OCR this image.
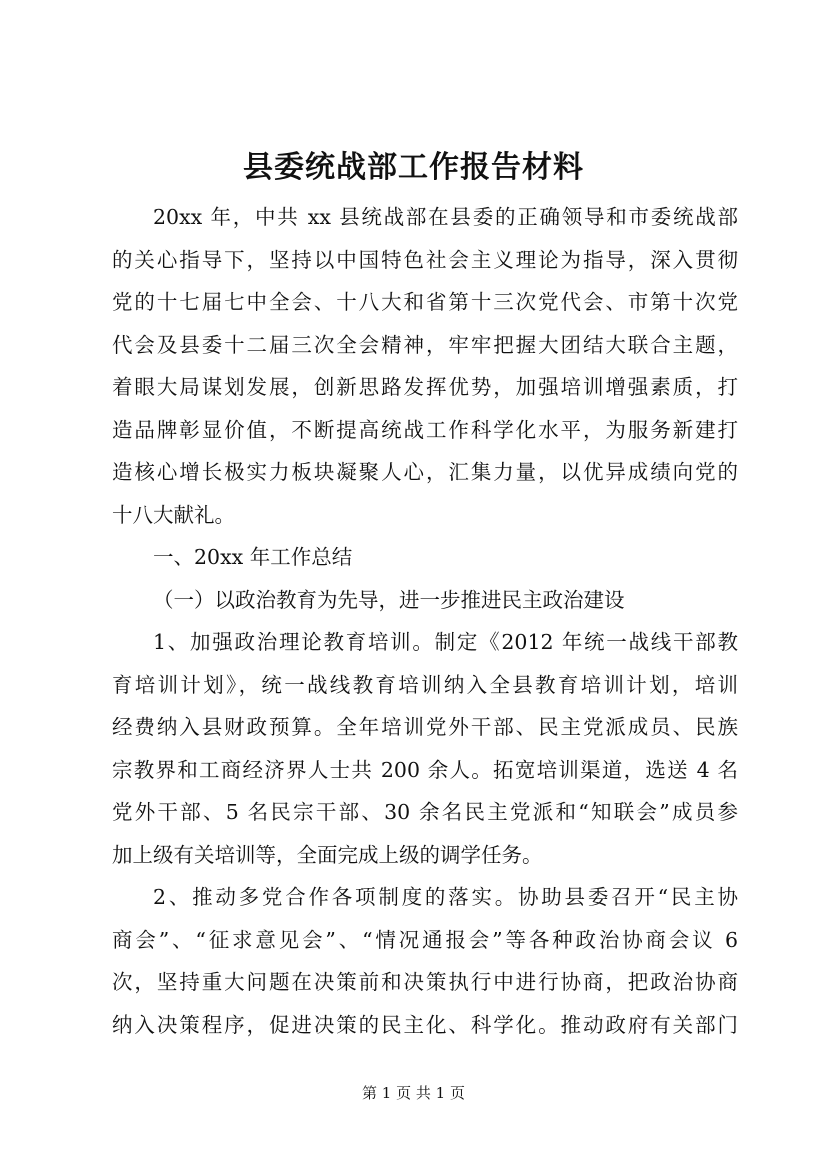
县委统战部工作报告材料
20xx 年，中共 xx 县统战部在县委的正确领导和市委统战部
的关心指导下，坚持以中国特色社会主义理论为指导，深入贯彻
党的十七届七中全会、十八大和省第十三次党代会、市第十次党
代会及县委十二届三次全会精神，牢牢把握大团结大联合主题，
着眼大局谋划发展，创新思路发挥优势，加强培训增强素质，打
造品牌彰显价值，不断提高统战工作科学化水平，为服务新建打
造核心增长极实力板块凝聚人心，汇集力量，以优异成绩向党的
十八大献礼。
一、20xx 年工作总结
（一）以政治教育为先导，进一步推进民主政治建设
1、加强政治理论教育培训。制定《2012 年统一战线干部教
育培训计划》，统一战线教育培训纳入全县教育培训计划，培训
经费纳入县财政预算。全年培训党外干部、民主党派成员、民族
宗教界和工商经济界人士共 200 余人。拓宽培训渠道，选送 4 名
党外干部、5 名民宗干部、30 余名民主党派和“知联会”成员参
加上级有关培训等，全面完成上级的调学任务。
2、推动多党合作各项制度的落实。协助县委召开“民主协
商会”、“征求意见会”、“情况通报会”等各种政治协商会议 6
次，坚持重大问题在决策前和决策执行中进行协商，把政治协商
纳入决策程序，促进决策的民主化、科学化。推动政府有关部门
第 1 页 共 1 页
